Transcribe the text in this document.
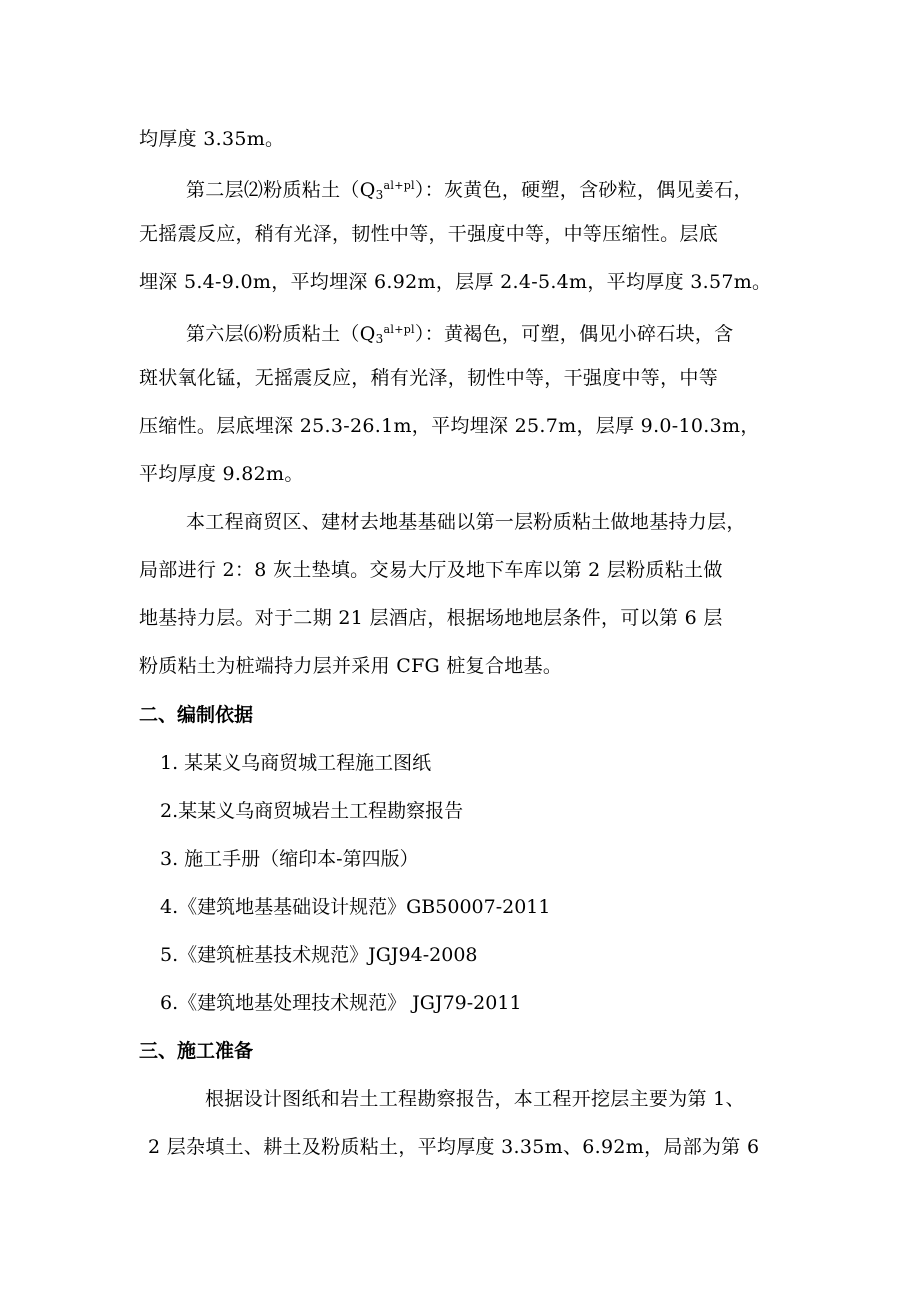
均厚度 3.35m。
第二层⑵粉质粘土$(Q_3^{al+pl})$：灰黄色，硬塑，含砂粒，偶见姜石，
无摇震反应，稍有光泽，韧性中等，干强度中等，中等压缩性。层底
埋深 5.4-9.0m，平均埋深 6.92m，层厚 2.4-5.4m，平均厚度 3.57m。
第六层⑹粉质粘土$(Q_3^{al+pl})$：黄褐色，可塑，偶见小碎石块，含
斑状氧化锰，无摇震反应，稍有光泽，韧性中等，干强度中等，中等
压缩性。层底埋深 25.3-26.1m，平均埋深 25.7m，层厚 9.0-10.3m，
平均厚度 9.82m。
本工程商贸区、建材去地基基础以第一层粉质粘土做地基持力层，
局部进行 2：8 灰土垫填。交易大厅及地下车库以第 2 层粉质粘土做
地基持力层。对于二期 21 层酒店，根据场地地层条件，可以第 6 层
粉质粘土为桩端持力层并采用 CFG 桩复合地基。
二、编制依据
1. 某某义乌商贸城工程施工图纸
2.某某义乌商贸城岩土工程勘察报告
3. 施工手册（缩印本-第四版）
4.《建筑地基基础设计规范》GB50007-2011
5.《建筑桩基技术规范》JGJ94-2008
6.《建筑地基处理技术规范》 JGJ79-2011
三、施工准备
根据设计图纸和岩土工程勘察报告，本工程开挖层主要为第 1、
2 层杂填土、耕土及粉质粘土，平均厚度 3.35m、6.92m，局部为第 6
